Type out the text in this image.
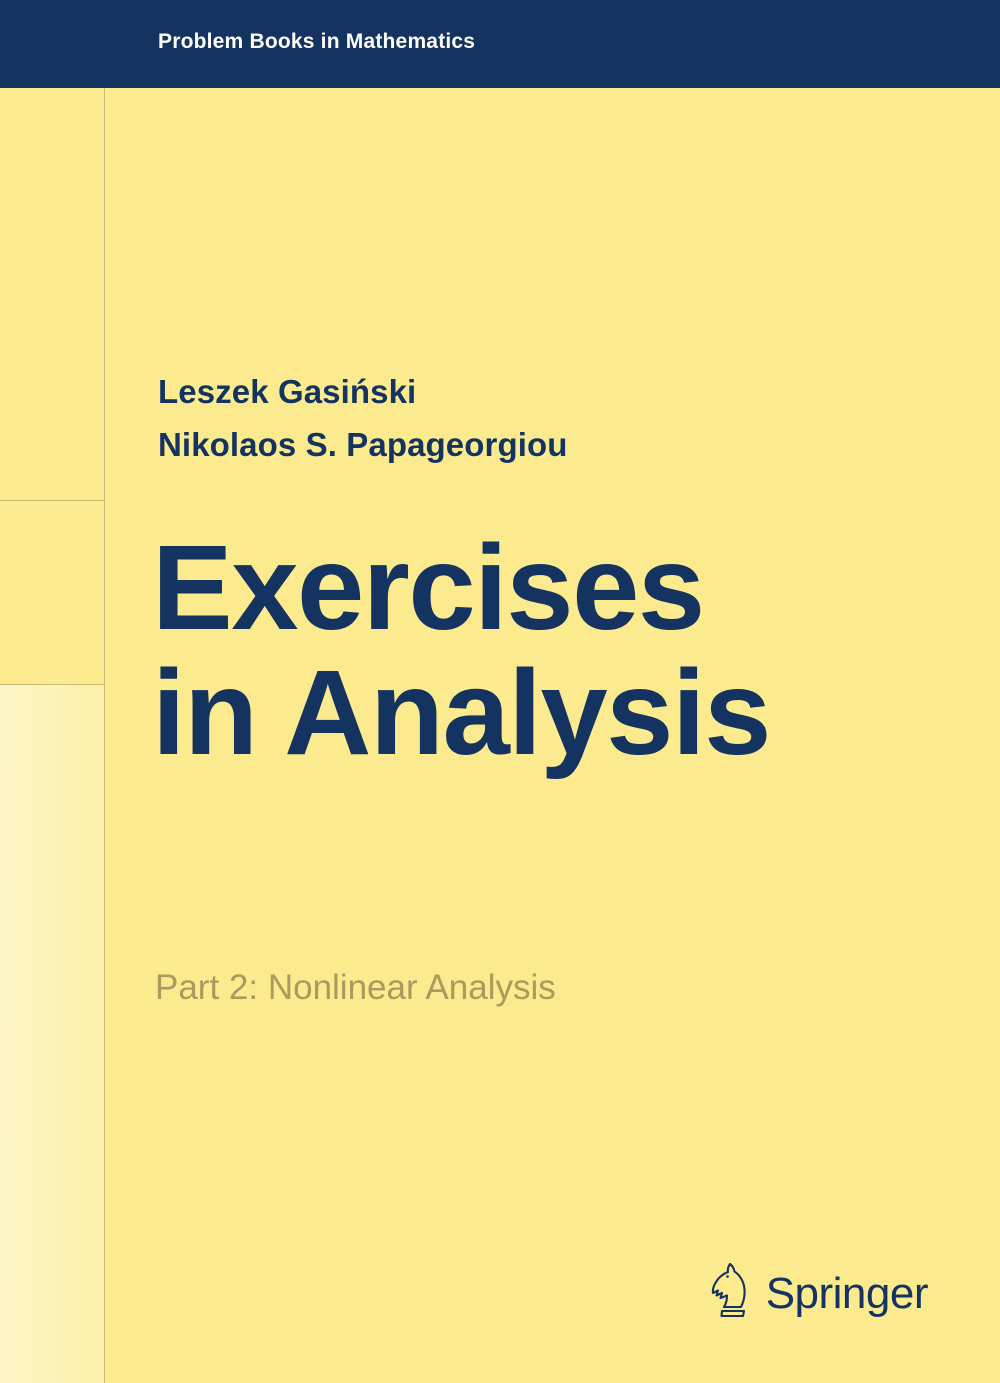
Problem Books in Mathematics
Leszek Gasiński
Nikolaos S. Papageorgiou
Exercises
in Analysis
Part 2: Nonlinear Analysis
Springer
